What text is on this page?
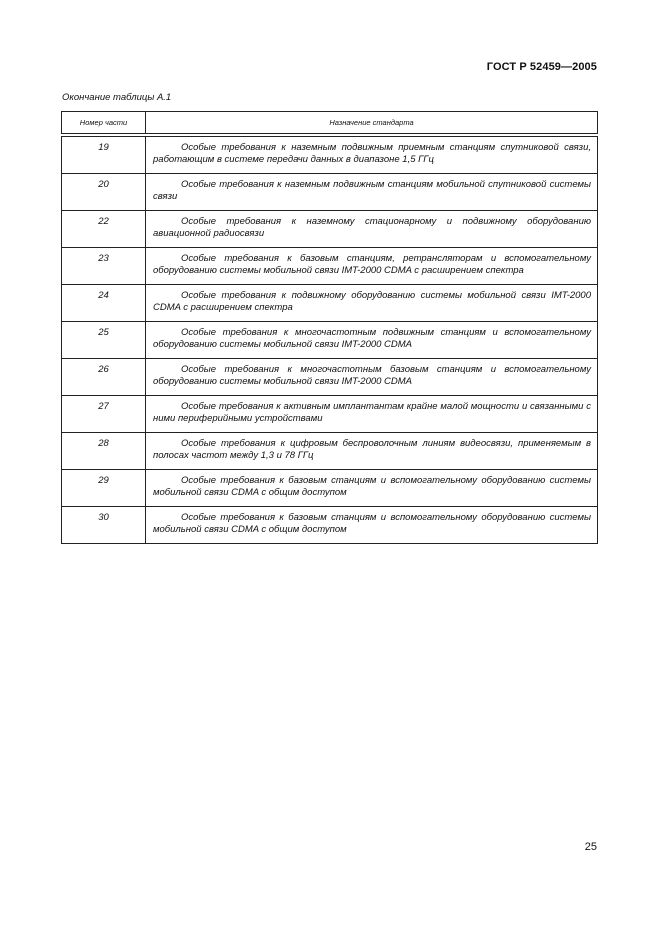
ГОСТ Р 52459—2005
Окончание таблицы А.1
Номер части	Назначение стандарта

19	Особые требования к наземным подвижным приемным станциям спутниковой связи, работающим в системе передачи данных в диапазоне 1,5 ГГц
20	Особые требования к наземным подвижным станциям мобильной спутниковой системы связи
22	Особые требования к наземному стационарному и подвижному оборудованию авиационной радиосвязи
23	Особые требования к базовым станциям, ретрансляторам и вспомогательному оборудованию системы мобильной связи IMT-2000 CDMA с расширением спектра
24	Особые требования к подвижному оборудованию системы мобильной связи IMT-2000 CDMA с расширением спектра
25	Особые требования к многочастотным подвижным станциям и вспомогательному оборудованию системы мобильной связи IMT-2000 CDMA
26	Особые требования к многочастотным базовым станциям и вспомогательному оборудованию системы мобильной связи IMT-2000 CDMA
27	Особые требования к активным имплантантам крайне малой мощности и связанными с ними периферийными устройствами
28	Особые требования к цифровым беспроволочным линиям видеосвязи, применяемым в полосах частот между 1,3 и 78 ГГц
29	Особые требования к базовым станциям и вспомогательному оборудованию системы мобильной связи CDMA с общим доступом
30	Особые требования к базовым станциям и вспомогательному оборудованию системы мобильной связи CDMA с общим доступом
25
